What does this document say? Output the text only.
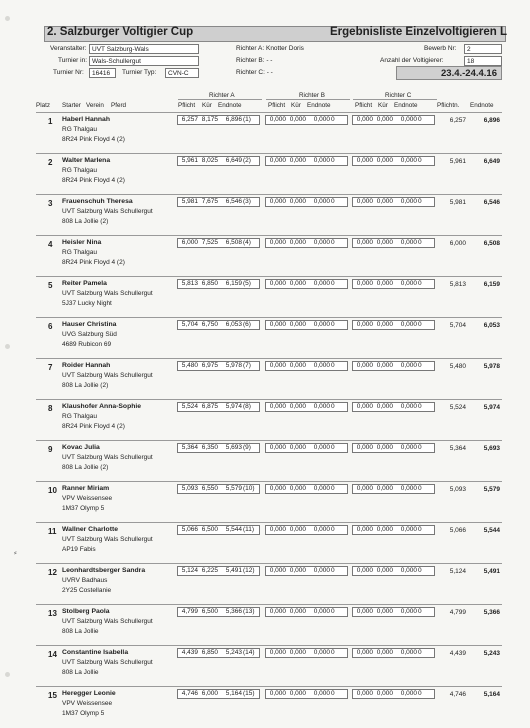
2. Salzburger Voltigier Cup	Ergebnisliste Einzelvoltigieren L
Veranstalter: UVT Salzburg-Wals
Turnier in: Wals-Schullergut
Turnier Nr:	16416	Turnier Typ:	CVN-C
Richter A: Knotter Doris
Richter B: - -
Richter C: - -
Bewerb Nr:	2
Anzahl der Voltigierer:	18
23.4.-24.4.16
Richter A	Richter B	Richter C
Platz Starter Verein Pferd	Pflicht Kür Endnote	Pflicht Kür Endnote	Pflicht Kür Endnote	Pflichtn. Endnote
1 Haberl Hannah
RG Thalgau
8R24 Pink Floyd 4 (2)
6,257 8,175	6,896 (1)	0,000 0,000	0,000 0	0,000 0,000	0,000 0	6,257	6,896
2 Walter Marlena
RG Thalgau
8R24 Pink Floyd 4 (2)
5,961 8,025	6,649 (2)	0,000 0,000	0,000 0	0,000 0,000	0,000 0	5,961	6,649
3 Frauenschuh Theresa
UVT Salzburg Wals Schullergut
808 La Jollie (2)
5,981 7,675	6,546 (3)	0,000 0,000	0,000 0	0,000 0,000	0,000 0	5,981	6,546
4 Heisler Nina
RG Thalgau
8R24 Pink Floyd 4 (2)
6,000 7,525	6,508 (4)	0,000 0,000	0,000 0	0,000 0,000	0,000 0	6,000	6,508
5 Reiter Pamela
UVT Salzburg Wals Schullergut
5J37 Lucky Night
5,813 6,850	6,159 (5)	0,000 0,000	0,000 0	0,000 0,000	0,000 0	5,813	6,159
6 Hauser Christina
UVG Salzburg Süd
4689 Rubicon 69
5,704 6,750	6,053 (6)	0,000 0,000	0,000 0	0,000 0,000	0,000 0	5,704	6,053
7 Roider Hannah
UVT Salzburg Wals Schullergut
808 La Jollie (2)
5,480 6,975	5,978 (7)	0,000 0,000	0,000 0	0,000 0,000	0,000 0	5,480	5,978
8 Klaushofer Anna-Sophie
RG Thalgau
8R24 Pink Floyd 4 (2)
5,524 6,875	5,974 (8)	0,000 0,000	0,000 0	0,000 0,000	0,000 0	5,524	5,974
9 Kovac Julia
UVT Salzburg Wals Schullergut
808 La Jollie (2)
5,364 6,350	5,693 (9)	0,000 0,000	0,000 0	0,000 0,000	0,000 0	5,364	5,693
10 Ranner Miriam
VPV Weissensee
1M37 Olymp 5
5,093 6,550	5,579 (10)	0,000 0,000	0,000 0	0,000 0,000	0,000 0	5,093	5,579
11 Wallner Charlotte
UVT Salzburg Wals Schullergut
AP19 Fabis
5,066 6,500	5,544 (11)	0,000 0,000	0,000 0	0,000 0,000	0,000 0	5,066	5,544
12 Leonhardtsberger Sandra
UVRV Badhaus
2Y25 Costellanie
5,124 6,225	5,491 (12)	0,000 0,000	0,000 0	0,000 0,000	0,000 0	5,124	5,491
13 Stolberg Paola
UVT Salzburg Wals Schullergut
808 La Jollie
4,799 6,500	5,366 (13)	0,000 0,000	0,000 0	0,000 0,000	0,000 0	4,799	5,366
14 Constantine Isabella
UVT Salzburg Wals Schullergut
808 La Jollie
4,439 6,850	5,243 (14)	0,000 0,000	0,000 0	0,000 0,000	0,000 0	4,439	5,243
15 Heregger Leonie
VPV Weissensee
1M37 Olymp 5
4,746 6,000	5,164 (15)	0,000 0,000	0,000 0	0,000 0,000	0,000 0	4,746	5,164
⸗
